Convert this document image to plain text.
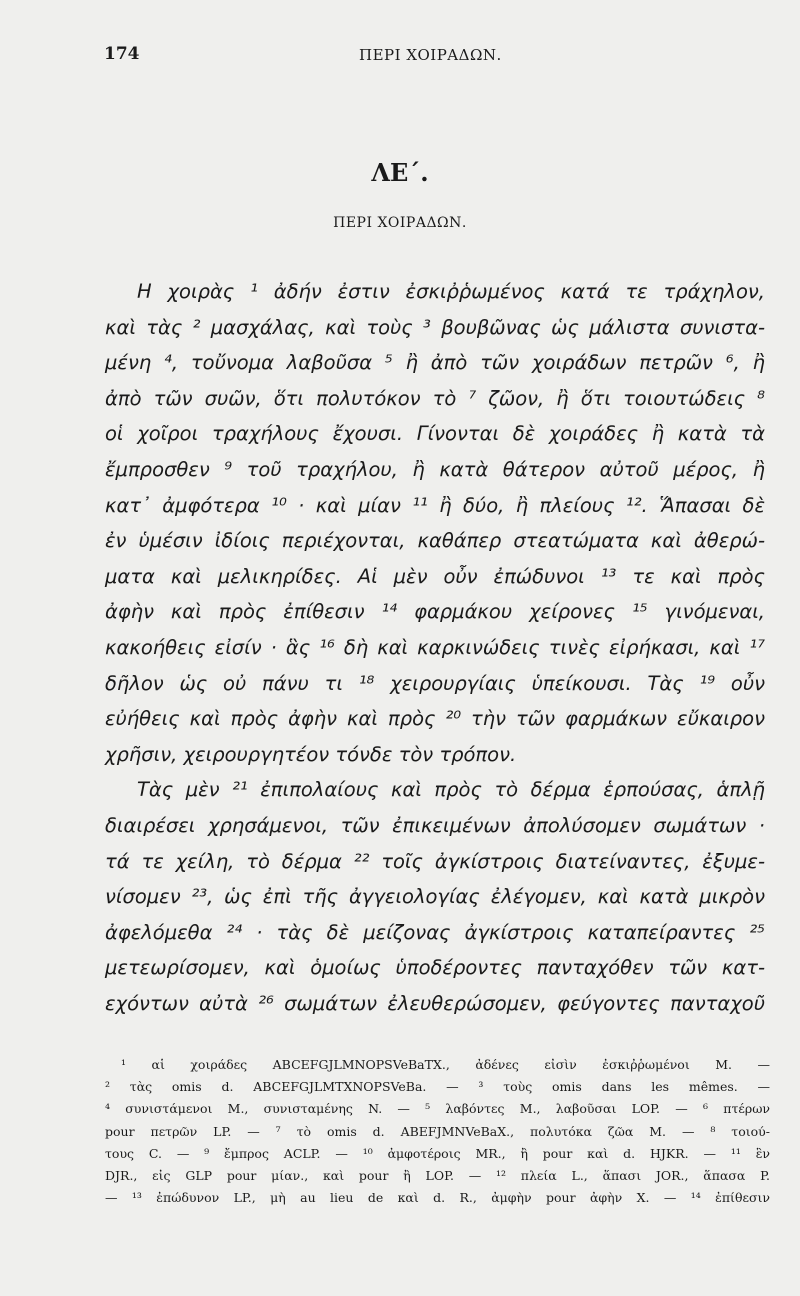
174	ΠΕΡΙ ΧΟΙΡΑΔΩΝ.
ΛΕ΄.
ΠΕΡΙ ΧΟΙΡΑΔΩΝ.
Η χοιρὰς ¹ ἀδήν ἐστιν ἐσκιῤῥωμένος κατά τε τράχηλον,
καὶ τὰς ² μασχάλας, καὶ τοὺς ³ βουβῶνας ὡς μάλιστα συνιστα-
μένη ⁴, τοὔνομα λαβοῦσα ⁵ ἢ ἀπὸ τῶν χοιράδων πετρῶν ⁶, ἢ
ἀπὸ τῶν συῶν, ὅτι πολυτόκον τὸ ⁷ ζῶον, ἢ ὅτι τοιουτώδεις ⁸
οἱ χοῖροι τραχήλους ἔχουσι. Γίνονται δὲ χοιράδες ἢ κατὰ τὰ
ἔμπροσθεν ⁹ τοῦ τραχήλου, ἢ κατὰ θάτερον αὐτοῦ μέρος, ἢ
κατ᾿ ἀμφότερα ¹⁰ · καὶ μίαν ¹¹ ἢ δύο, ἢ πλείους ¹². Ἅπασαι δὲ
ἐν ὑμέσιν ἰδίοις περιέχονται, καθάπερ στεατώματα καὶ ἀθερώ-
ματα καὶ μελικηρίδες. Αἱ μὲν οὖν ἐπώδυνοι ¹³ τε καὶ πρὸς
ἀφὴν καὶ πρὸς ἐπίθεσιν ¹⁴ φαρμάκου χείρονες ¹⁵ γινόμεναι,
κακοήθεις εἰσίν · ἃς ¹⁶ δὴ καὶ καρκινώδεις τινὲς εἰρήκασι, καὶ ¹⁷
δῆλον ὡς οὐ πάνυ τι ¹⁸ χειρουργίαις ὑπείκουσι. Τὰς ¹⁹ οὖν
εὐήθεις καὶ πρὸς ἀφὴν καὶ πρὸς ²⁰ τὴν τῶν φαρμάκων εὔκαιρον
χρῆσιν, χειρουργητέον τόνδε τὸν τρόπον.
Τὰς μὲν ²¹ ἐπιπολαίους καὶ πρὸς τὸ δέρμα ἑρπούσας, ἁπλῇ
διαιρέσει χρησάμενοι, τῶν ἐπικειμένων ἀπολύσομεν σωμάτων ·
τά τε χείλη, τὸ δέρμα ²² τοῖς ἀγκίστροις διατείναντες, ἐξυμε-
νίσομεν ²³, ὡς ἐπὶ τῆς ἀγγειολογίας ἐλέγομεν, καὶ κατὰ μικρὸν
ἀφελόμεθα ²⁴ · τὰς δὲ μείζονας ἀγκίστροις καταπείραντες ²⁵
μετεωρίσομεν, καὶ ὁμοίως ὑποδέροντες πανταχόθεν τῶν κατ-
εχόντων αὐτὰ ²⁶ σωμάτων ἐλευθερώσομεν, φεύγοντες πανταχοῦ
¹ αἱ χοιράδες ABCEFGJLMNOPSVeBaTX., ἀδένες εἰσὶν ἐσκιῤῥωμένοι M. —
² τὰς omis d. ABCEFGJLMTXNOPSVeBa. — ³ τοὺς omis dans les mêmes. —
⁴ συνιστάμενοι M., συνισταμένης N. — ⁵ λαβόντες M., λαβοῦσαι LOP. — ⁶ πτέρων
pour πετρῶν LP. — ⁷ τὸ omis d. ABEFJMNVeBaX., πολυτόκα ζῶα M. — ⁸ τοιού-
τους C. — ⁹ ἔμπρος ACLP. — ¹⁰ ἀμφοτέροις MR., ἢ pour καὶ d. HJKR. — ¹¹ ἓν
DJR., εἰς GLP pour μίαν., καὶ pour ἢ LOP. — ¹² πλεία L., ἅπασι JOR., ἅπασα P.
— ¹³ ἐπώδυνον LP., μὴ au lieu de καὶ d. R., ἀμφὴν pour ἀφὴν X. — ¹⁴ ἐπίθεσιν
